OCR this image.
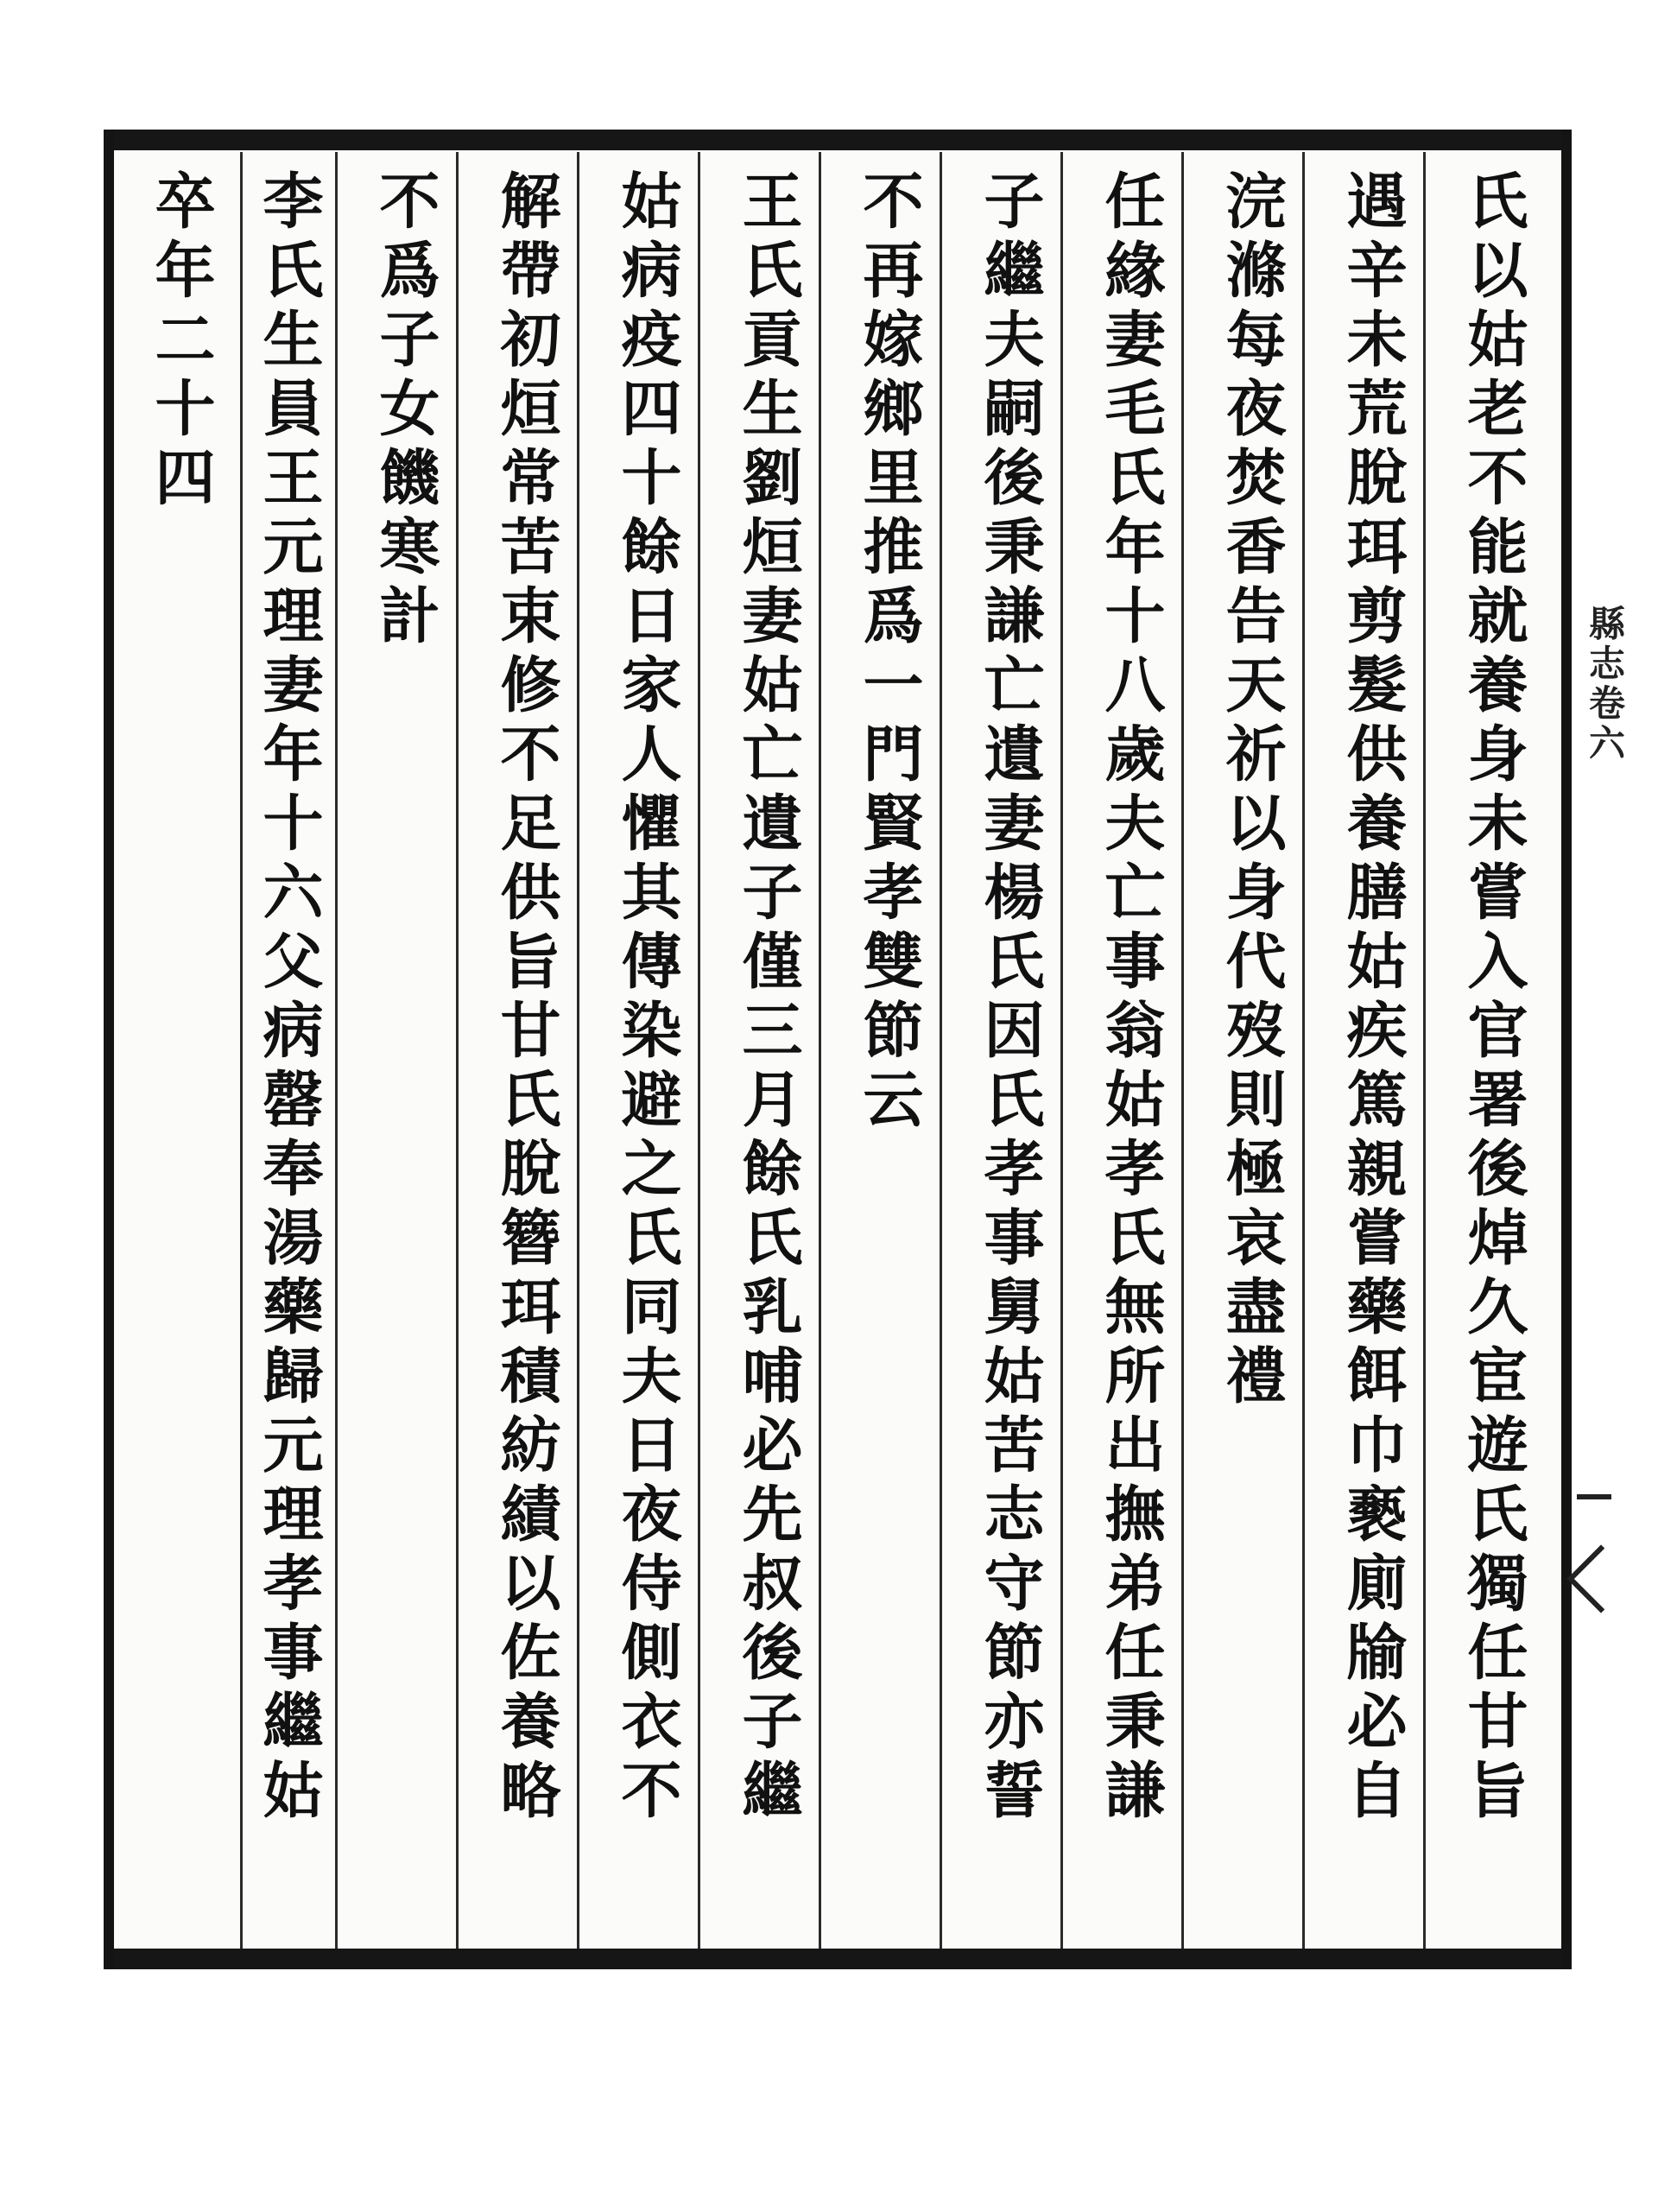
氏以姑老不能就養身未嘗入官署後焯久宦遊氏獨任甘旨
遇辛未荒脫珥剪髮供養膳姑疾篤親嘗藥餌巾褻廁牏必自
浣滌每夜焚香告天祈以身代歿則極哀盡禮
任緣妻毛氏年十八歲夫亡事翁姑孝氏無所出撫弟任秉謙
子繼夫嗣後秉謙亡遺妻楊氏因氏孝事舅姑苦志守節亦誓
不再嫁鄉里推爲一門賢孝雙節云
王氏貢生劉烜妻姑亡遺子僅三月餘氏乳哺必先叔後子繼
姑病疫四十餘日家人懼其傳染避之氏同夫日夜侍側衣不
解帶初烜常苦束修不足供旨甘氏脫簪珥積紡績以佐養略
不爲子女饑寒計
李氏生員王元理妻年十六父病罄奉湯藥歸元理孝事繼姑
卒年二十四
縣志卷六
